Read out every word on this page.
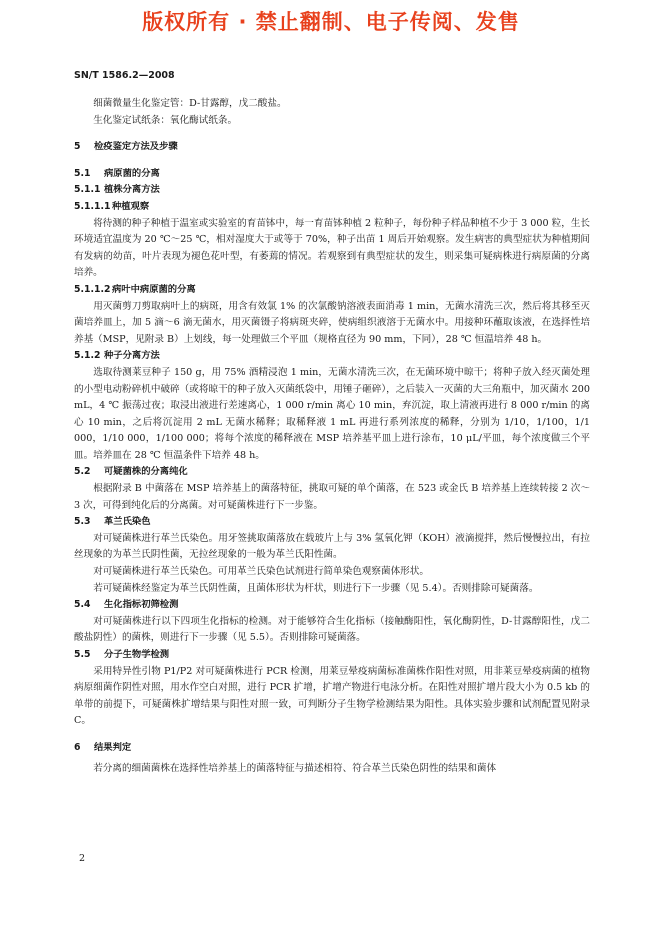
版权所有 · 禁止翻制、电子传阅、发售
SN/T 1586.2—2008

细菌微量生化鉴定管：D-甘露醇，戊二酸盐。

生化鉴定试纸条：氧化酶试纸条。

5 检疫鉴定方法及步骤
5.1 病原菌的分离
5.1.1 植株分离方法
5.1.1.1 种植观察

将待测的种子种植于温室或实验室的育苗钵中，每一育苗钵种植 2 粒种子，每份种子样品种植不少于 3 000 粒，生长环境适宜温度为 20 ℃～25 ℃，相对湿度大于或等于 70%，种子出苗 1 周后开始观察。发生病害的典型症状为种植期间有发病的幼苗，叶片表现为褪色花叶型，有萎蔫的情况。若观察到有典型症状的发生，则采集可疑病株进行病原菌的分离培养。

5.1.1.2 病叶中病原菌的分离

用灭菌剪刀剪取病叶上的病斑，用含有效氯 1% 的次氯酸钠溶液表面消毒 1 min，无菌水清洗三次，然后将其移至灭菌培养皿上，加 5 滴～6 滴无菌水，用灭菌镊子将病斑夹碎，使病组织液溶于无菌水中。用接种环蘸取该液，在选择性培养基（MSP，见附录 B）上划线，每一处理做三个平皿（规格直径为 90 mm，下同），28 ℃ 恒温培养 48 h。

5.1.2 种子分离方法

选取待测莱豆种子 150 g，用 75% 酒精浸泡 1 min，无菌水清洗三次，在无菌环境中晾干；将种子放入经灭菌处理的小型电动粉碎机中破碎（或将晾干的种子放入灭菌纸袋中，用锤子砸碎），之后装入一灭菌的大三角瓶中，加灭菌水 200 mL，4 ℃ 振荡过夜；取浸出液进行差速离心，1 000 r/min 离心 10 min，弃沉淀，取上清液再进行 8 000 r/min 的离心 10 min，之后将沉淀用 2 mL 无菌水稀释；取稀释液 1 mL 再进行系列浓度的稀释，分别为 1/10，1/100，1/1 000，1/10 000，1/100 000；将每个浓度的稀释液在 MSP 培养基平皿上进行涂布，10 μL/平皿，每个浓度做三个平皿。培养皿在 28 ℃ 恒温条件下培养 48 h。

5.2 可疑菌株的分离纯化

根据附录 B 中菌落在 MSP 培养基上的菌落特征，挑取可疑的单个菌落，在 523 或金氏 B 培养基上连续转接 2 次～3 次，可得到纯化后的分离菌。对可疑菌株进行下一步鉴。

5.3 革兰氏染色

对可疑菌株进行革兰氏染色。用牙签挑取菌落放在载玻片上与 3% 氢氧化钾（KOH）液滴搅拌，然后慢慢拉出，有拉丝现象的为革兰氏阴性菌，无拉丝现象的一般为革兰氏阳性菌。

对可疑菌株进行革兰氏染色。可用革兰氏染色试剂进行简单染色观察菌体形状。

若可疑菌株经鉴定为革兰氏阴性菌，且菌体形状为杆状，则进行下一步骤（见 5.4）。否则排除可疑菌落。

5.4 生化指标初筛检测

对可疑菌株进行以下四项生化指标的检测。对于能够符合生化指标（接触酶阳性，氧化酶阴性，D-甘露醇阳性，戊二酸盐阴性）的菌株，则进行下一步骤（见 5.5）。否则排除可疑菌落。

5.5 分子生物学检测

采用特异性引物 P1/P2 对可疑菌株进行 PCR 检测，用莱豆晕疫病菌标准菌株作阳性对照，用非莱豆晕疫病菌的植物病原细菌作阴性对照，用水作空白对照，进行 PCR 扩增，扩增产物进行电泳分析。在阳性对照扩增片段大小为 0.5 kb 的单带的前提下，可疑菌株扩增结果与阳性对照一致，可判断分子生物学检测结果为阳性。具体实验步骤和试剂配置见附录 C。

6 结果判定

若分离的细菌菌株在选择性培养基上的菌落特征与描述相符、符合革兰氏染色阴性的结果和菌体

2
